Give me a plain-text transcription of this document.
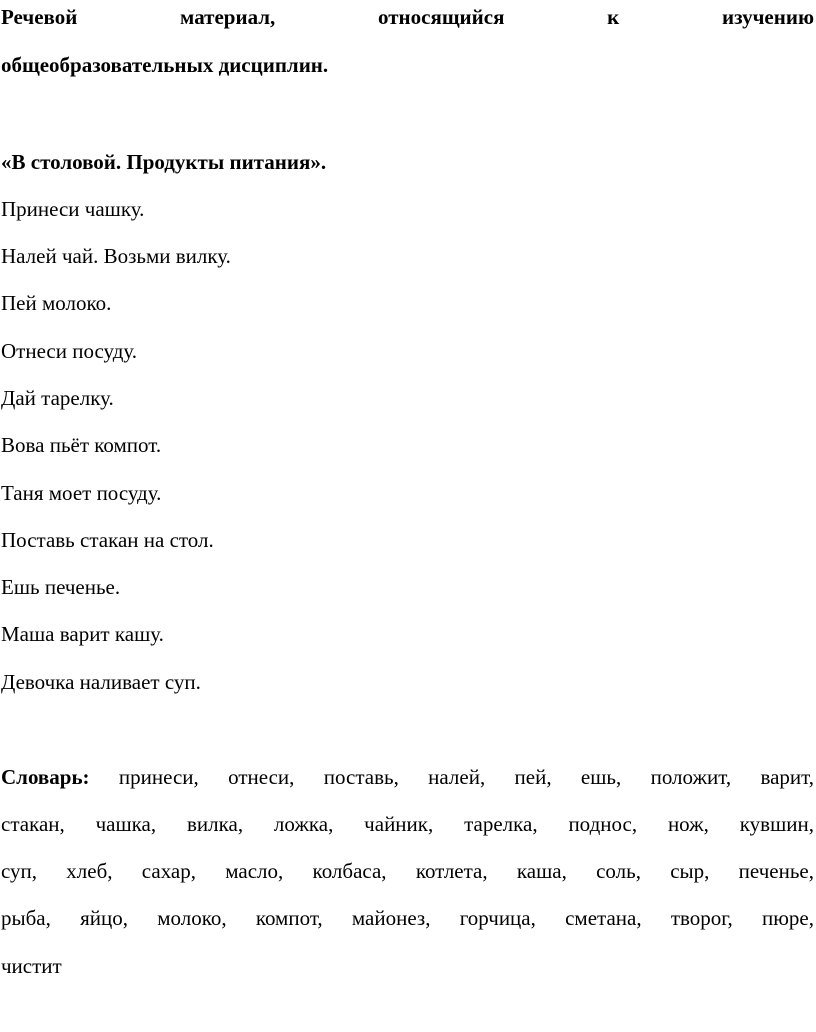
Речевой материал, относящийся к изучению
общеобразовательных дисциплин.
«В столовой. Продукты питания».
Принеси чашку.
Налей чай. Возьми вилку.
Пей молоко.
Отнеси посуду.
Дай тарелку.
Вова пьёт компот.
Таня моет посуду.
Поставь стакан на стол.
Ешь печенье.
Маша варит кашу.
Девочка наливает суп.
Словарь: принеси, отнеси, поставь, налей, пей, ешь, положит, варит,
стакан, чашка, вилка, ложка, чайник, тарелка, поднос, нож, кувшин,
суп, хлеб, сахар, масло, колбаса, котлета, каша, соль, сыр, печенье,
рыба, яйцо, молоко, компот, майонез, горчица, сметана, творог, пюре,
чистит
